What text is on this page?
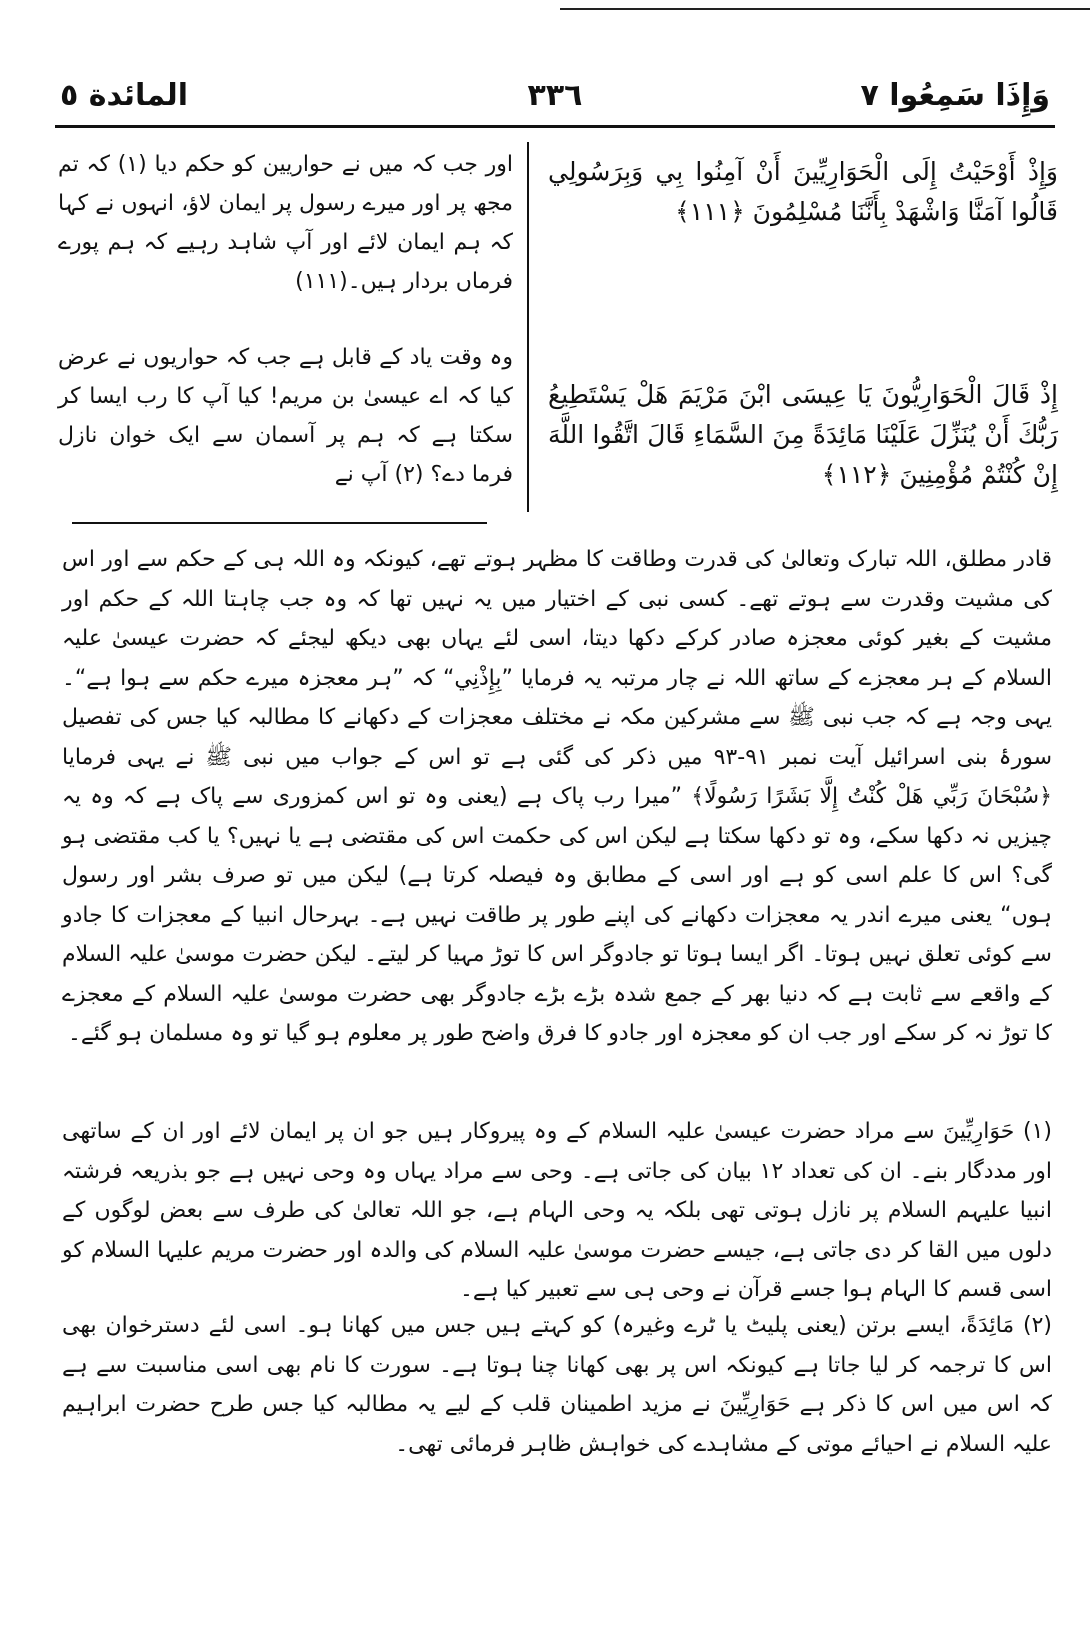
وَإِذَا سَمِعُوا ٧
٣٣٦
المائدة ٥
وَإِذْ أَوْحَيْتُ إِلَى الْحَوَارِيِّينَ أَنْ آمِنُوا بِي وَبِرَسُولِي قَالُوا آمَنَّا وَاشْهَدْ بِأَنَّنَا مُسْلِمُونَ ﴿١١١﴾
إِذْ قَالَ الْحَوَارِيُّونَ يَا عِيسَى ابْنَ مَرْيَمَ هَلْ يَسْتَطِيعُ رَبُّكَ أَنْ يُنَزِّلَ عَلَيْنَا مَائِدَةً مِنَ السَّمَاءِ قَالَ اتَّقُوا اللَّهَ إِنْ كُنْتُمْ مُؤْمِنِينَ ﴿١١٢﴾
اور جب کہ میں نے حواریین کو حکم دیا (١) کہ تم مجھ پر اور میرے رسول پر ایمان لاؤ، انہوں نے کہا کہ ہم ایمان لائے اور آپ شاہد رہیے کہ ہم پورے فرماں بردار ہیں۔(١١١)
وہ وقت یاد کے قابل ہے جب کہ حواریوں نے عرض کیا کہ اے عیسیٰ بن مریم! کیا آپ کا رب ایسا کر سکتا ہے کہ ہم پر آسمان سے ایک خوان نازل فرما دے؟ (٢) آپ نے

قادر مطلق، اللہ تبارک وتعالیٰ کی قدرت وطاقت کا مظہر ہوتے تھے، کیونکہ وہ اللہ ہی کے حکم سے اور اس کی مشیت وقدرت سے ہوتے تھے۔ کسی نبی کے اختیار میں یہ نہیں تھا کہ وہ جب چاہتا اللہ کے حکم اور مشیت کے بغیر کوئی معجزہ صادر کرکے دکھا دیتا، اسی لئے یہاں بھی دیکھ لیجئے کہ حضرت عیسیٰ علیہ السلام کے ہر معجزے کے ساتھ اللہ نے چار مرتبہ یہ فرمایا ”بِإِذْنِي“ کہ ”ہر معجزہ میرے حکم سے ہوا ہے“۔ یہی وجہ ہے کہ جب نبی ﷺ سے مشرکین مکہ نے مختلف معجزات کے دکھانے کا مطالبہ کیا جس کی تفصیل سورۂ بنی اسرائیل آیت نمبر ٩١-٩٣ میں ذکر کی گئی ہے تو اس کے جواب میں نبی ﷺ نے یہی فرمایا ﴿سُبْحَانَ رَبِّي هَلْ كُنْتُ إِلَّا بَشَرًا رَسُولًا﴾ ”میرا رب پاک ہے (یعنی وہ تو اس کمزوری سے پاک ہے کہ وہ یہ چیزیں نہ دکھا سکے، وہ تو دکھا سکتا ہے لیکن اس کی حکمت اس کی مقتضی ہے یا نہیں؟ یا کب مقتضی ہو گی؟ اس کا علم اسی کو ہے اور اسی کے مطابق وہ فیصلہ کرتا ہے) لیکن میں تو صرف بشر اور رسول ہوں“ یعنی میرے اندر یہ معجزات دکھانے کی اپنے طور پر طاقت نہیں ہے۔ بہرحال انبیا کے معجزات کا جادو سے کوئی تعلق نہیں ہوتا۔ اگر ایسا ہوتا تو جادوگر اس کا توڑ مہیا کر لیتے۔ لیکن حضرت موسیٰ علیہ السلام کے واقعے سے ثابت ہے کہ دنیا بھر کے جمع شدہ بڑے بڑے جادوگر بھی حضرت موسیٰ علیہ السلام کے معجزے کا توڑ نہ کر سکے اور جب ان کو معجزہ اور جادو کا فرق واضح طور پر معلوم ہو گیا تو وہ مسلمان ہو گئے۔

(١) حَوَارِيِّينَ سے مراد حضرت عیسیٰ علیہ السلام کے وہ پیروکار ہیں جو ان پر ایمان لائے اور ان کے ساتھی اور مددگار بنے۔ ان کی تعداد ١٢ بیان کی جاتی ہے۔ وحی سے مراد یہاں وہ وحی نہیں ہے جو بذریعہ فرشتہ انبیا علیہم السلام پر نازل ہوتی تھی بلکہ یہ وحی الہام ہے، جو اللہ تعالیٰ کی طرف سے بعض لوگوں کے دلوں میں القا کر دی جاتی ہے، جیسے حضرت موسیٰ علیہ السلام کی والدہ اور حضرت مریم علیہا السلام کو اسی قسم کا الہام ہوا جسے قرآن نے وحی ہی سے تعبیر کیا ہے۔

(٢) مَائِدَةً، ایسے برتن (یعنی پلیٹ یا ٹرے وغیرہ) کو کہتے ہیں جس میں کھانا ہو۔ اسی لئے دسترخوان بھی اس کا ترجمہ کر لیا جاتا ہے کیونکہ اس پر بھی کھانا چنا ہوتا ہے۔ سورت کا نام بھی اسی مناسبت سے ہے کہ اس میں اس کا ذکر ہے حَوَارِيِّينَ نے مزید اطمینان قلب کے لیے یہ مطالبہ کیا جس طرح حضرت ابراہیم علیہ السلام نے احیائے موتی کے مشاہدے کی خواہش ظاہر فرمائی تھی۔
